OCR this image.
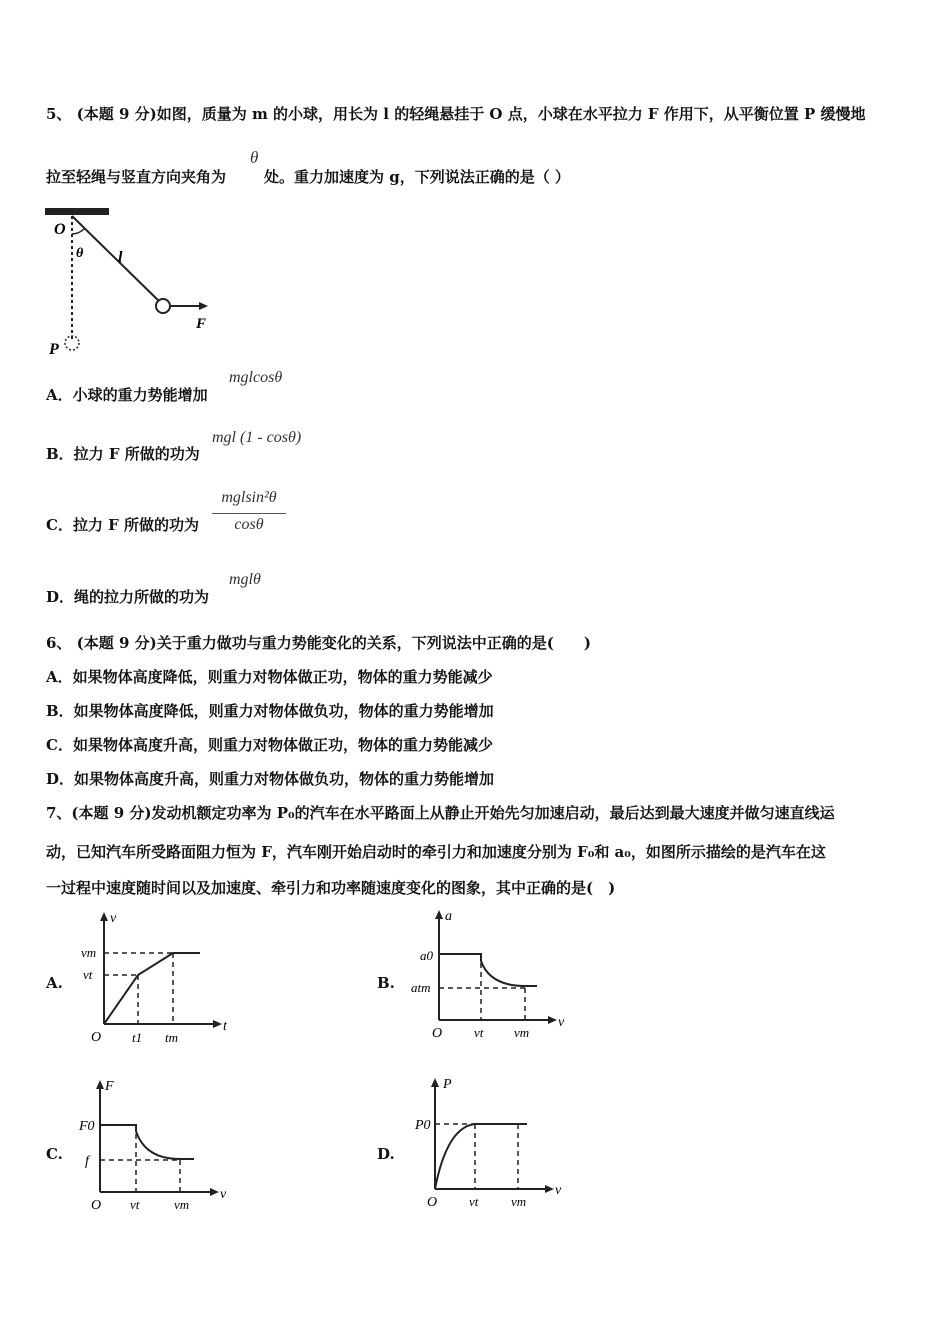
5、 (本题 9 分)如图，质量为 m 的小球，用长为 l 的轻绳悬挂于 O 点，小球在水平拉力 F 作用下，从平衡位置 P 缓慢地
拉至轻绳与竖直方向夹角为
θ
处。重力加速度为 g，下列说法正确的是（ ）
O
θ l
F
P
A．小球的重力势能增加
mglcosθ
B．拉力 F 所做的功为
mgl (1 - cosθ)
C．拉力 F 所做的功为
mglsin²θ
cosθ
D．绳的拉力所做的功为
mglθ
6、 (本题 9 分)关于重力做功与重力势能变化的关系，下列说法中正确的是(　　)
A．如果物体高度降低，则重力对物体做正功，物体的重力势能减少
B．如果物体高度降低，则重力对物体做负功，物体的重力势能增加
C．如果物体高度升高，则重力对物体做正功，物体的重力势能减少
D．如果物体高度升高，则重力对物体做负功，物体的重力势能增加
7、(本题 9 分)发动机额定功率为 P₀的汽车在水平路面上从静止开始先匀加速启动，最后达到最大速度并做匀速直线运
动，已知汽车所受路面阻力恒为 F，汽车刚开始启动时的牵引力和加速度分别为 F₀和 a₀，如图所示描绘的是汽车在这
一过程中速度随时间以及加速度、牵引力和功率随速度变化的图象，其中正确的是(　)
A.
v
t
O
vm
vt
t1 tm
B.
a
v
O
a0
atm
vt vm
C.
F
v
O
F0
f
vt	vm
D.
P
v
O
P0
vt	vm
